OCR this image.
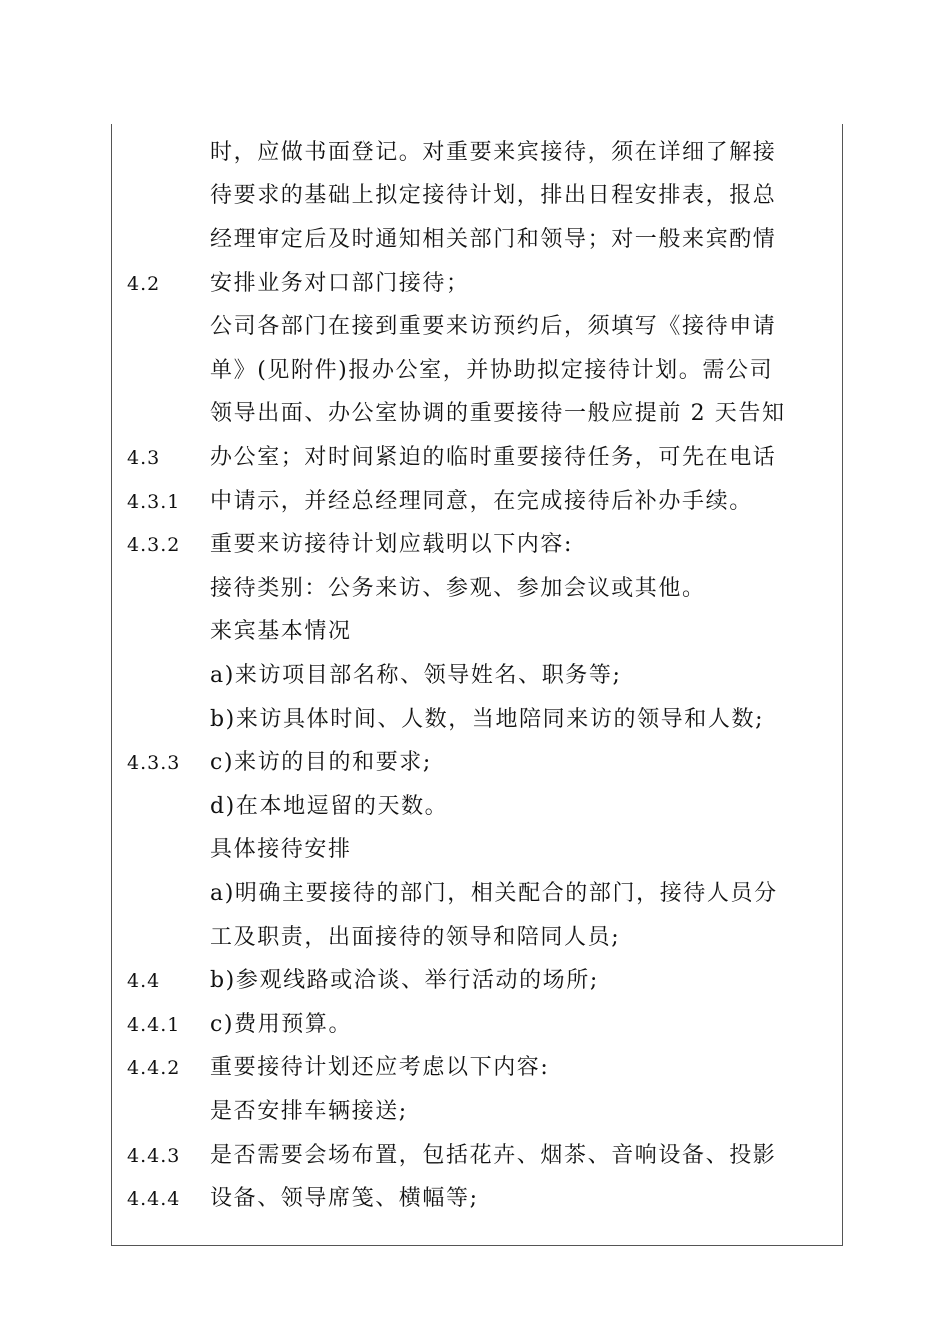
时，应做书面登记。对重要来宾接待，须在详细了解接
待要求的基础上拟定接待计划，排出日程安排表，报总
经理审定后及时通知相关部门和领导；对一般来宾酌情
4.2 安排业务对口部门接待；
公司各部门在接到重要来访预约后，须填写《接待申请
单》(见附件)报办公室，并协助拟定接待计划。需公司
领导出面、办公室协调的重要接待一般应提前 2 天告知
4.3 办公室；对时间紧迫的临时重要接待任务，可先在电话
4.3.1 中请示，并经总经理同意，在完成接待后补办手续。
4.3.2 重要来访接待计划应载明以下内容:
接待类别：公务来访、参观、参加会议或其他。
来宾基本情况
a)来访项目部名称、领导姓名、职务等;
b)来访具体时间、人数，当地陪同来访的领导和人数;
4.3.3 c)来访的目的和要求;
d)在本地逗留的天数。
具体接待安排
a)明确主要接待的部门，相关配合的部门，接待人员分
工及职责，出面接待的领导和陪同人员;
4.4 b)参观线路或洽谈、举行活动的场所;
4.4.1 c)费用预算。
4.4.2 重要接待计划还应考虑以下内容:
是否安排车辆接送;
4.4.3 是否需要会场布置，包括花卉、烟茶、音响设备、投影
4.4.4 设备、领导席笺、横幅等;
